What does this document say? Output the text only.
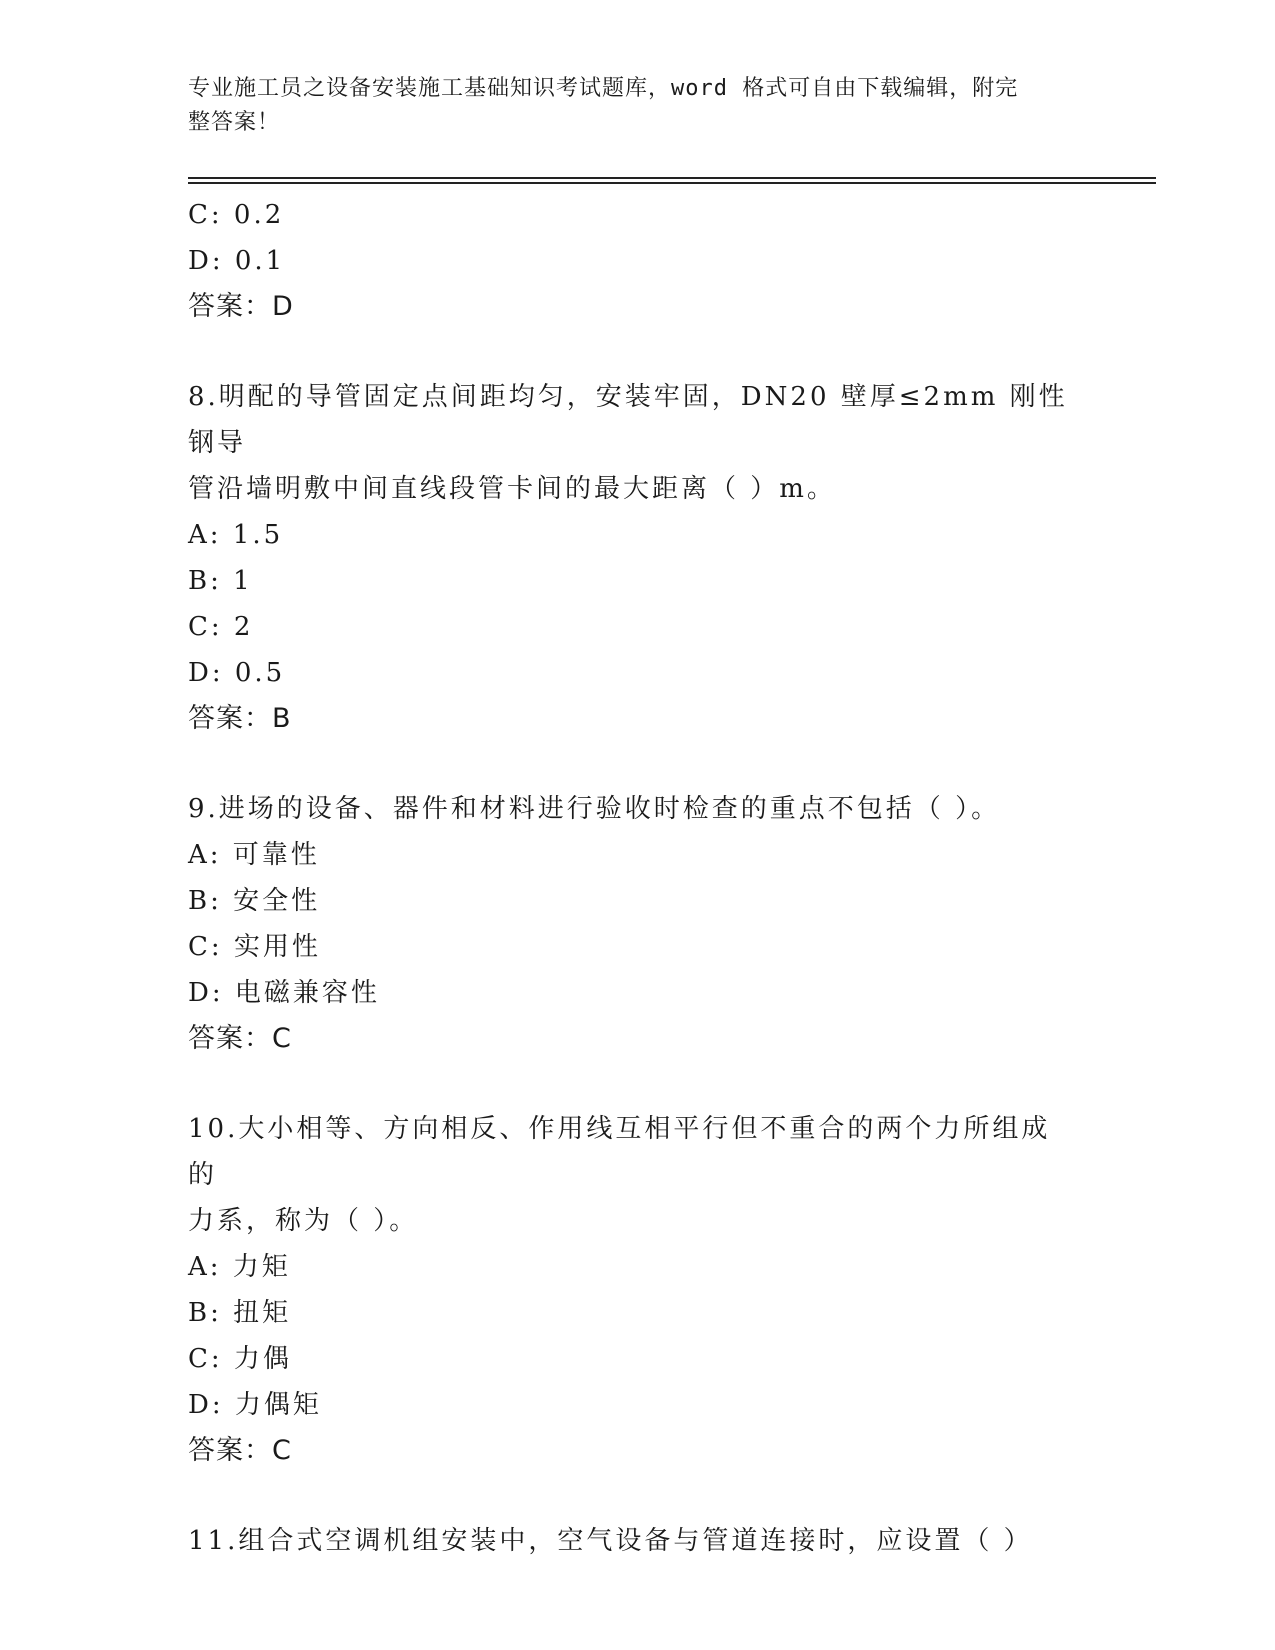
专业施工员之设备安装施工基础知识考试题库，word 格式可自由下载编辑，附完
整答案！
C: 0.2
D: 0.1
答案：D
8.明配的导管固定点间距均匀，安装牢固，DN20 壁厚≤2mm 刚性钢导
管沿墙明敷中间直线段管卡间的最大距离（ ）m。
A: 1.5
B: 1
C: 2
D: 0.5
答案：B
9.进场的设备、器件和材料进行验收时检查的重点不包括（ ）。
A: 可靠性
B: 安全性
C: 实用性
D: 电磁兼容性
答案：C
10.大小相等、方向相反、作用线互相平行但不重合的两个力所组成的
力系，称为（ ）。
A: 力矩
B: 扭矩
C: 力偶
D: 力偶矩
答案：C
11.组合式空调机组安装中，空气设备与管道连接时，应设置（ ）
